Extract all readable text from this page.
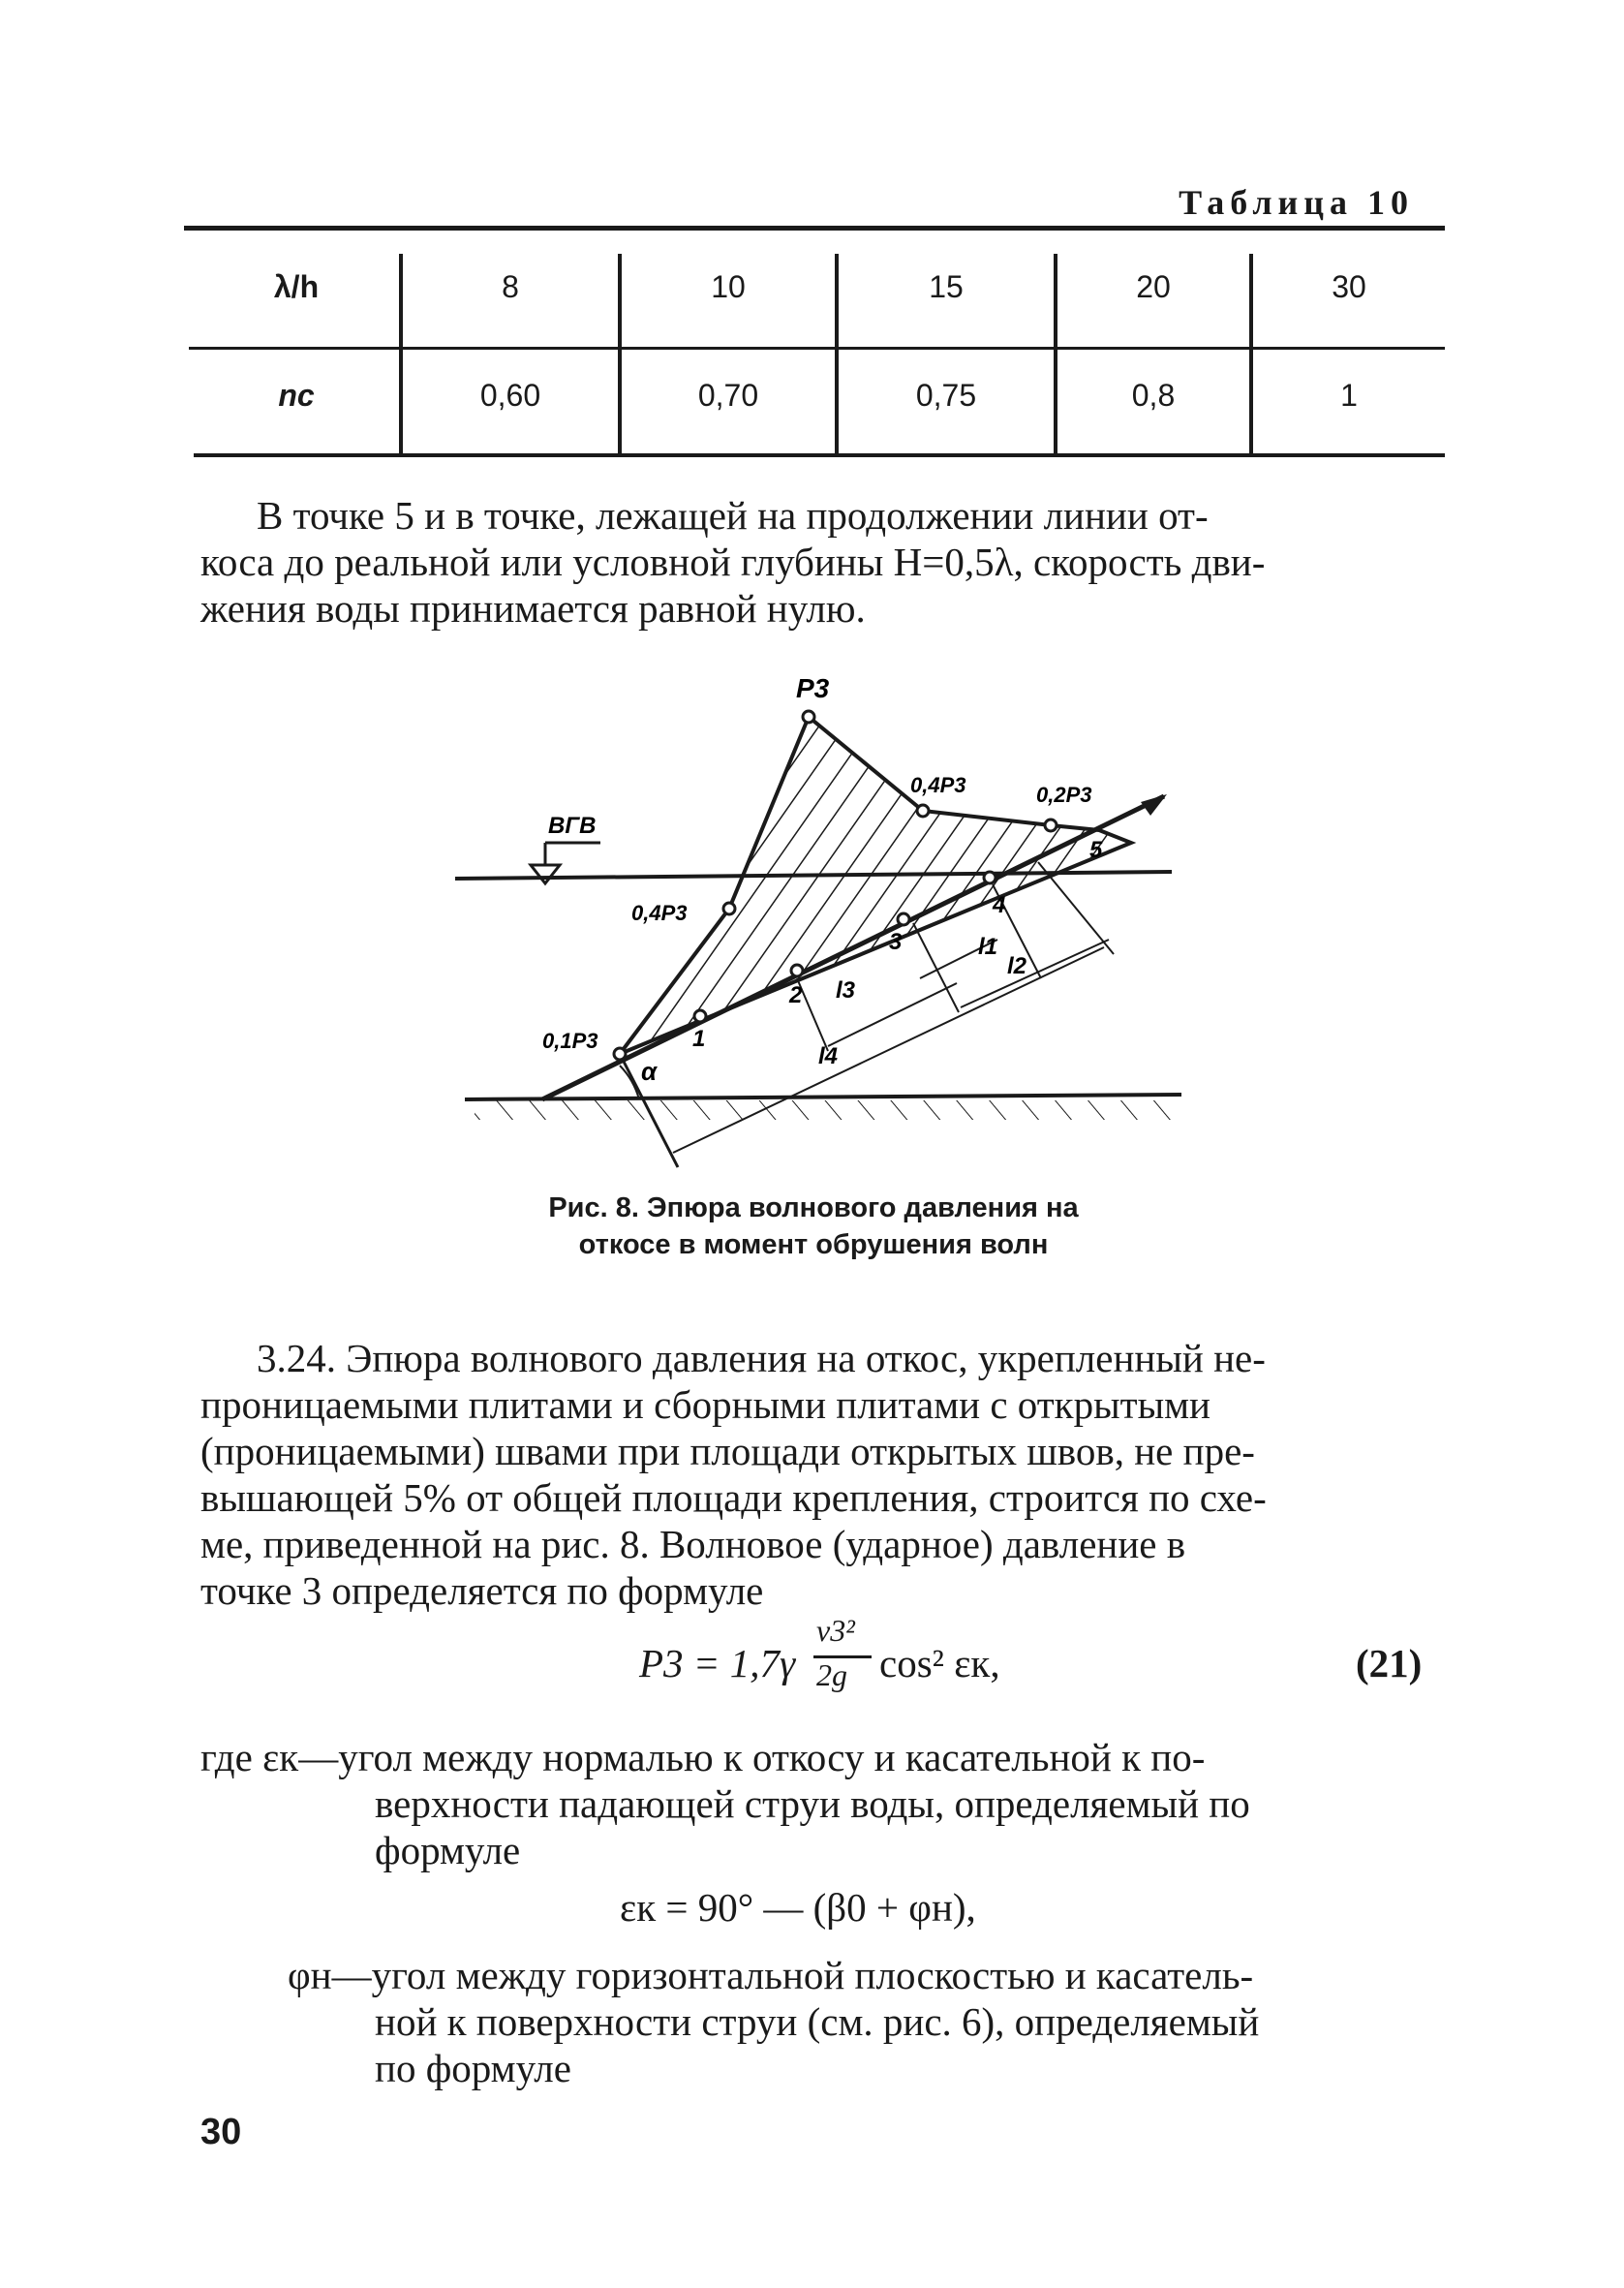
Таблица 10
λ/h	8	10	15	20	30
nc	0,60	0,70	0,75	0,8	1
В точке 5 и в точке, лежащей на продолжении линии от-
коса до реальной или условной глубины H=0,5λ, скорость дви-
жения воды принимается равной нулю.
ВГВ
P3
0,4P3	0,2P3
0,4P3
0,1P3	1
2
3
4
5
l1
l2
l3
l4
α
Рис. 8. Эпюра волнового давления на
откосе в момент обрушения волн
3.24. Эпюра волнового давления на откос, укрепленный не-
проницаемыми плитами и сборными плитами с открытыми
(проницаемыми) швами при площади открытых швов, не пре-
вышающей 5% от общей площади крепления, строится по схе-
ме, приведенной на рис. 8. Волновое (ударное) давление в
точке 3 определяется по формуле
P3 = 1,7γ
v3²
2g cos² εк,	(21)
где εк—угол между нормалью к откосу и касательной к по-
верхности падающей струи воды, определяемый по
формуле
εк = 90° — (β0 + φн),
φн—угол между горизонтальной плоскостью и касатель-
ной к поверхности струи (см. рис. 6), определяемый
по формуле
30
